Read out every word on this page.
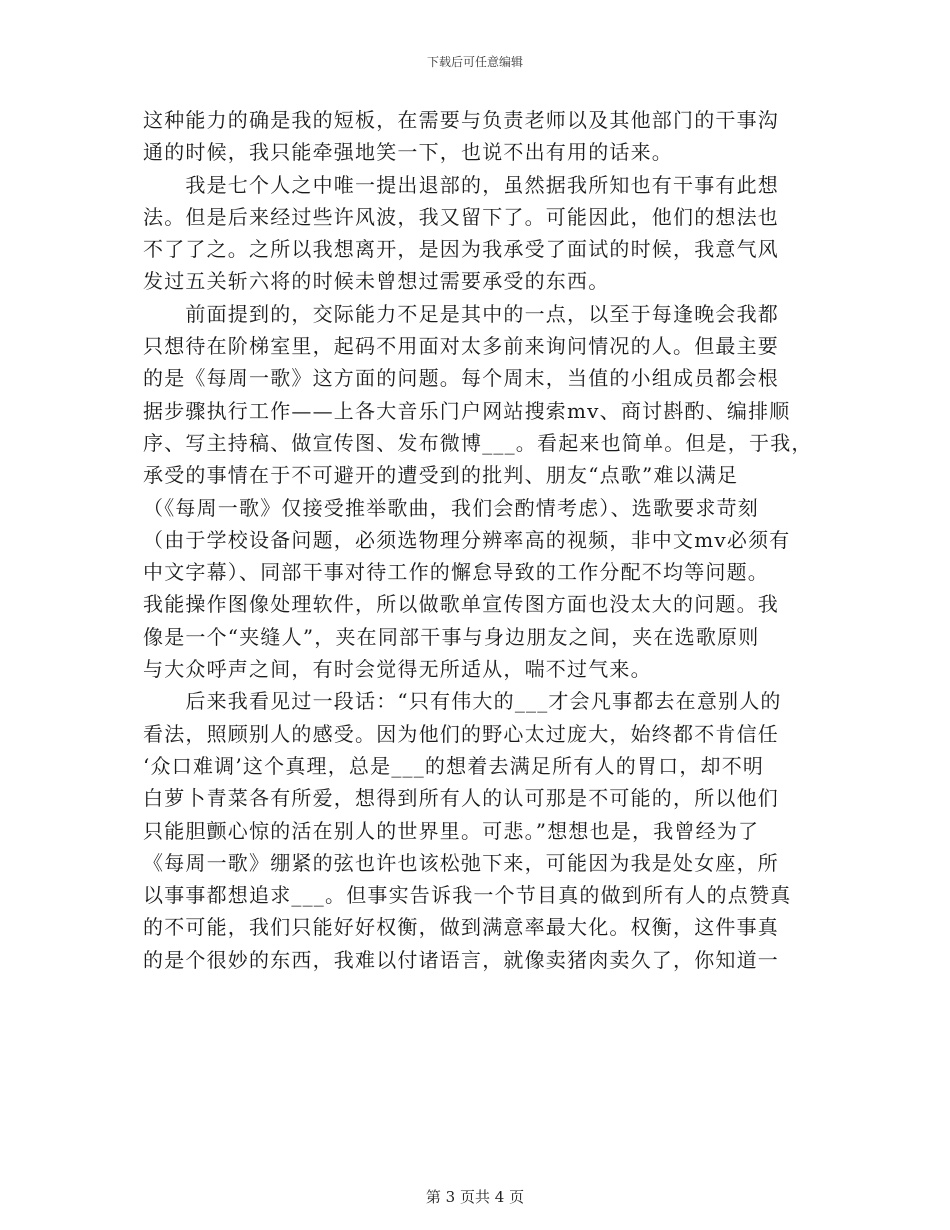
下载后可任意编辑
这种能力的确是我的短板，在需要与负责老师以及其他部门的干事沟
通的时候，我只能牵强地笑一下，也说不出有用的话来。
　　我是七个人之中唯一提出退部的，虽然据我所知也有干事有此想
法。但是后来经过些许风波，我又留下了。可能因此，他们的想法也
不了了之。之所以我想离开，是因为我承受了面试的时候，我意气风
发过五关斩六将的时候未曾想过需要承受的东西。
　　前面提到的，交际能力不足是其中的一点，以至于每逢晚会我都
只想待在阶梯室里，起码不用面对太多前来询问情况的人。但最主要
的是《每周一歌》这方面的问题。每个周末，当值的小组成员都会根
据步骤执行工作——上各大音乐门户网站搜索mv、商讨斟酌、编排顺
序、写主持稿、做宣传图、发布微博___。看起来也简单。但是，于我，
承受的事情在于不可避开的遭受到的批判、朋友“点歌”难以满足
（《每周一歌》仅接受推举歌曲，我们会酌情考虑）、选歌要求苛刻
（由于学校设备问题，必须选物理分辨率高的视频，非中文mv必须有
中文字幕）、同部干事对待工作的懈怠导致的工作分配不均等问题。
我能操作图像处理软件，所以做歌单宣传图方面也没太大的问题。我
像是一个“夹缝人”，夹在同部干事与身边朋友之间，夹在选歌原则
与大众呼声之间，有时会觉得无所适从，喘不过气来。
　　后来我看见过一段话：“只有伟大的___才会凡事都去在意别人的
看法，照顾别人的感受。因为他们的野心太过庞大，始终都不肯信任
‘众口难调’这个真理，总是___的想着去满足所有人的胃口，却不明
白萝卜青菜各有所爱，想得到所有人的认可那是不可能的，所以他们
只能胆颤心惊的活在别人的世界里。可悲。”想想也是，我曾经为了
《每周一歌》绷紧的弦也许也该松弛下来，可能因为我是处女座，所
以事事都想追求___。但事实告诉我一个节目真的做到所有人的点赞真
的不可能，我们只能好好权衡，做到满意率最大化。权衡，这件事真
的是个很妙的东西，我难以付诸语言，就像卖猪肉卖久了，你知道一
第 3 页共 4 页
